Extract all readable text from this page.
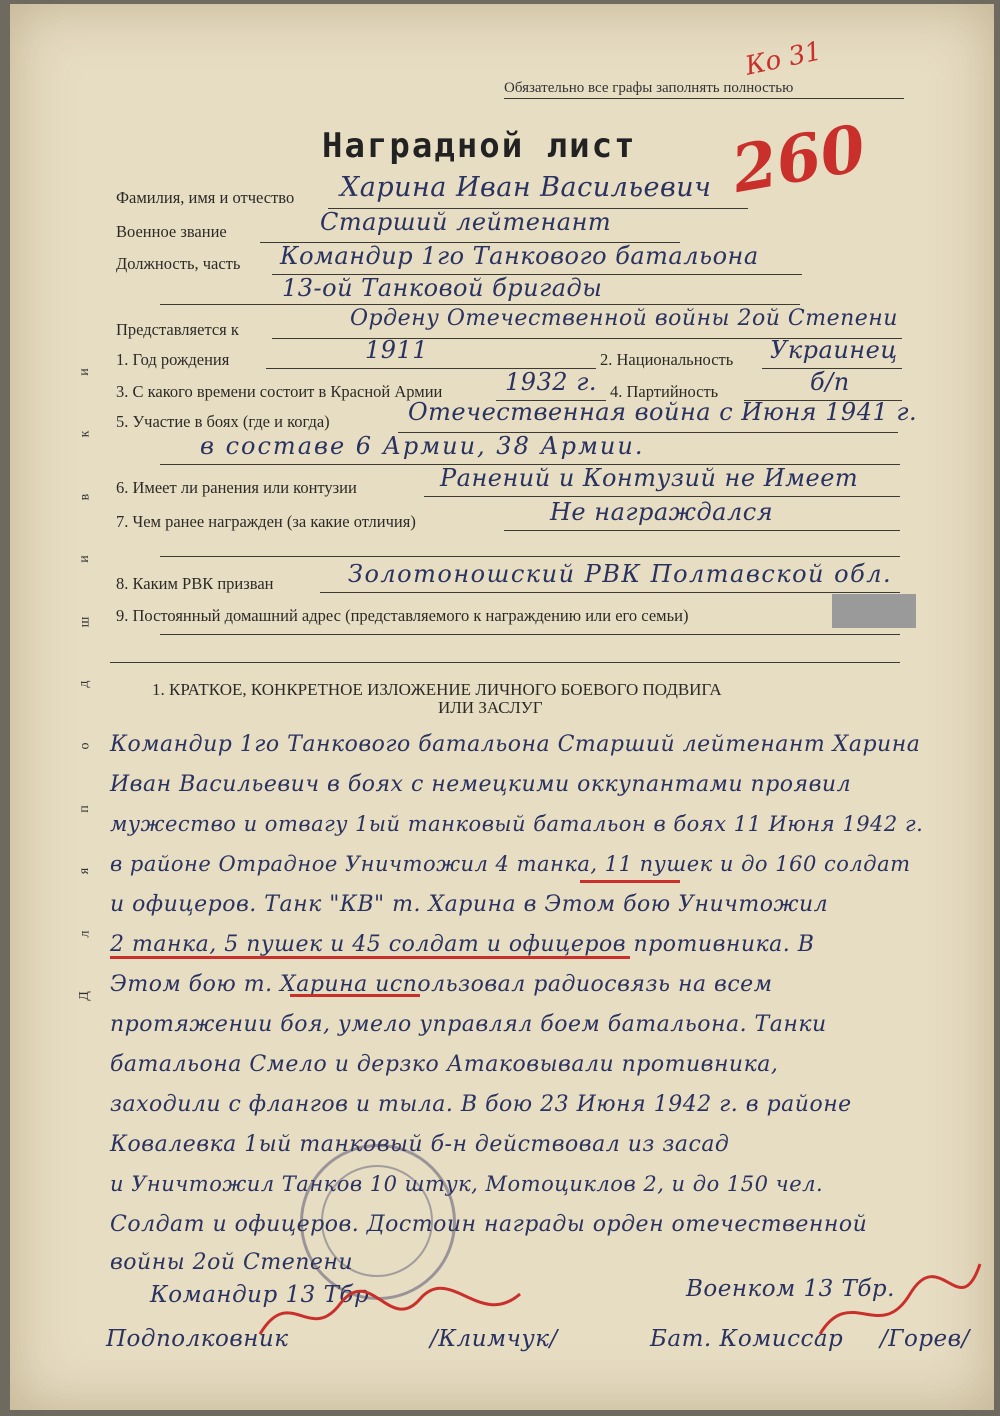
Обязательно все графы заполнять полностью
Ко 31
260
Наградной лист
и
к
в
и
ш
д
о
п
я
л
Д
Фамилия, имя и отчество Харина Иван Васильевич
Военное звание	Старший лейтенант
Должность, часть Командир 1го Танкового батальона
13-ой Танковой бригады
Представляется к	Ордену Отечественной войны 2ой Степени
1. Год рождения	1911	2. Национальность Украинец
3. С какого времени состоит в Красной Армии	1932 г. 4. Партийность	б/п
5. Участие в боях (где и когда)	Отечественная война с Июня 1941 г.
в составе 6 Армии, 38 Армии.
6. Имеет ли ранения или контузии	Ранений и Контузий не Имеет
7. Чем ранее награжден (за какие отличия)	Не награждался
8. Каким РВК призван	Золотоношский РВК Полтавской обл.
9. Постоянный домашний адрес (представляемого к награждению или его семьи)
1. КРАТКОЕ, КОНКРЕТНОЕ ИЗЛОЖЕНИЕ ЛИЧНОГО БОЕВОГО ПОДВИГА
ИЛИ ЗАСЛУГ
Командир 1го Танкового батальона Старший лейтенант Харина
Иван Васильевич в боях с немецкими оккупантами проявил
мужество и отвагу 1ый танковый батальон в боях 11 Июня 1942 г.
в районе Отрадное Уничтожил 4 танка, 11 пушек и до 160 солдат
и офицеров. Танк "КВ" т. Харина в Этом бою Уничтожил
2 танка, 5 пушек и 45 солдат и офицеров противника. В
Этом бою т. Харина использовал радиосвязь на всем
протяжении боя, умело управлял боем батальона. Танки
батальона Смело и дерзко Атаковывали противника,
заходили с флангов и тыла. В бою 23 Июня 1942 г. в районе
Ковалевка 1ый танковый б-н действовал из засад
и Уничтожил Танков 10 штук, Мотоциклов 2, и до 150 чел.
Солдат и офицеров. Достоин награды орден отечественной
войны 2ой Степени
Командир 13 Тбр
Подполковник	/Климчук/
Военком 13 Тбр.
Бат. Комиссар /Горев/
